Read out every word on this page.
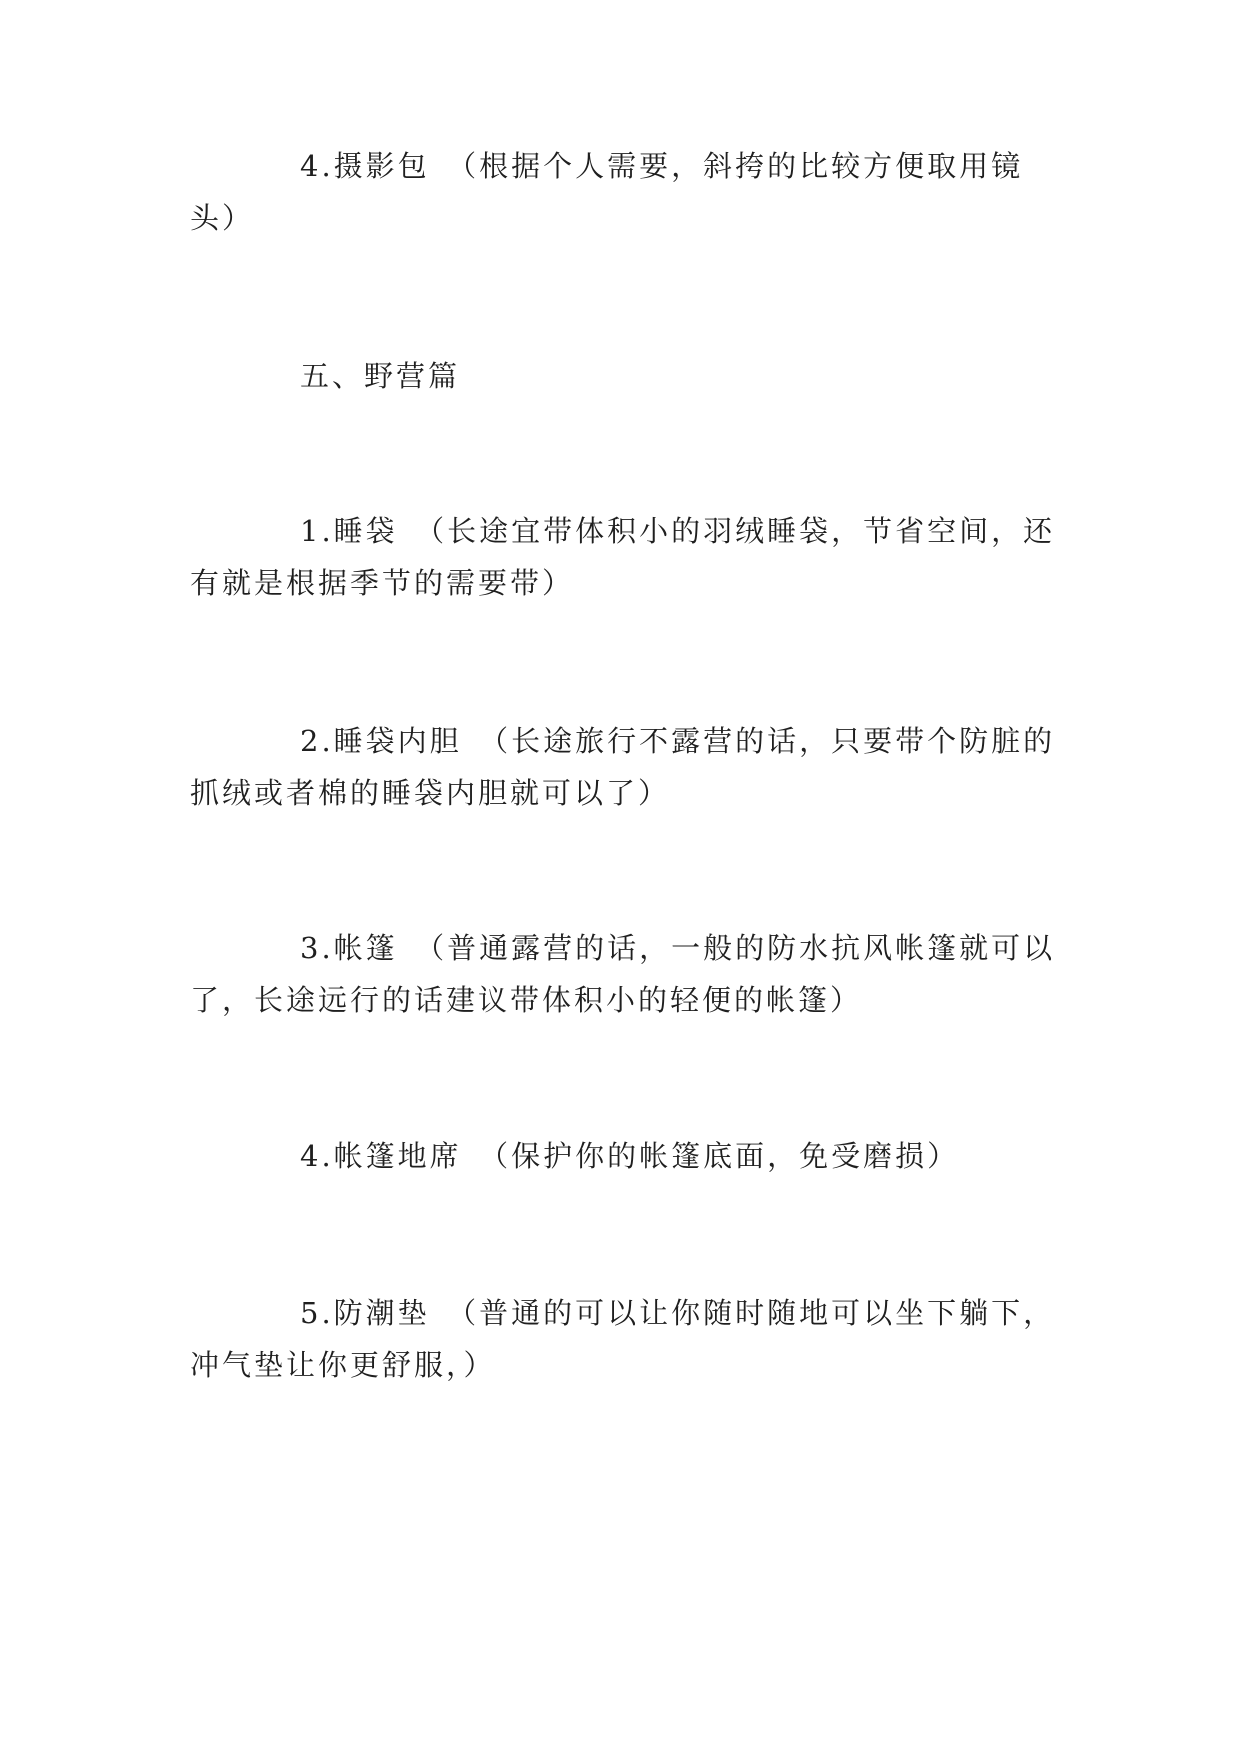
4.摄影包　（根据个人需要，斜挎的比较方便取用镜头）

五、野营篇

1.睡袋　（长途宜带体积小的羽绒睡袋，节省空间，还有就是根据季节的需要带）

2.睡袋内胆　（长途旅行不露营的话，只要带个防脏的抓绒或者棉的睡袋内胆就可以了）

3.帐篷　（普通露营的话，一般的防水抗风帐篷就可以了，长途远行的话建议带体积小的轻便的帐篷）

4.帐篷地席　（保护你的帐篷底面，免受磨损）

5.防潮垫　（普通的可以让你随时随地可以坐下躺下，冲气垫让你更舒服，）
